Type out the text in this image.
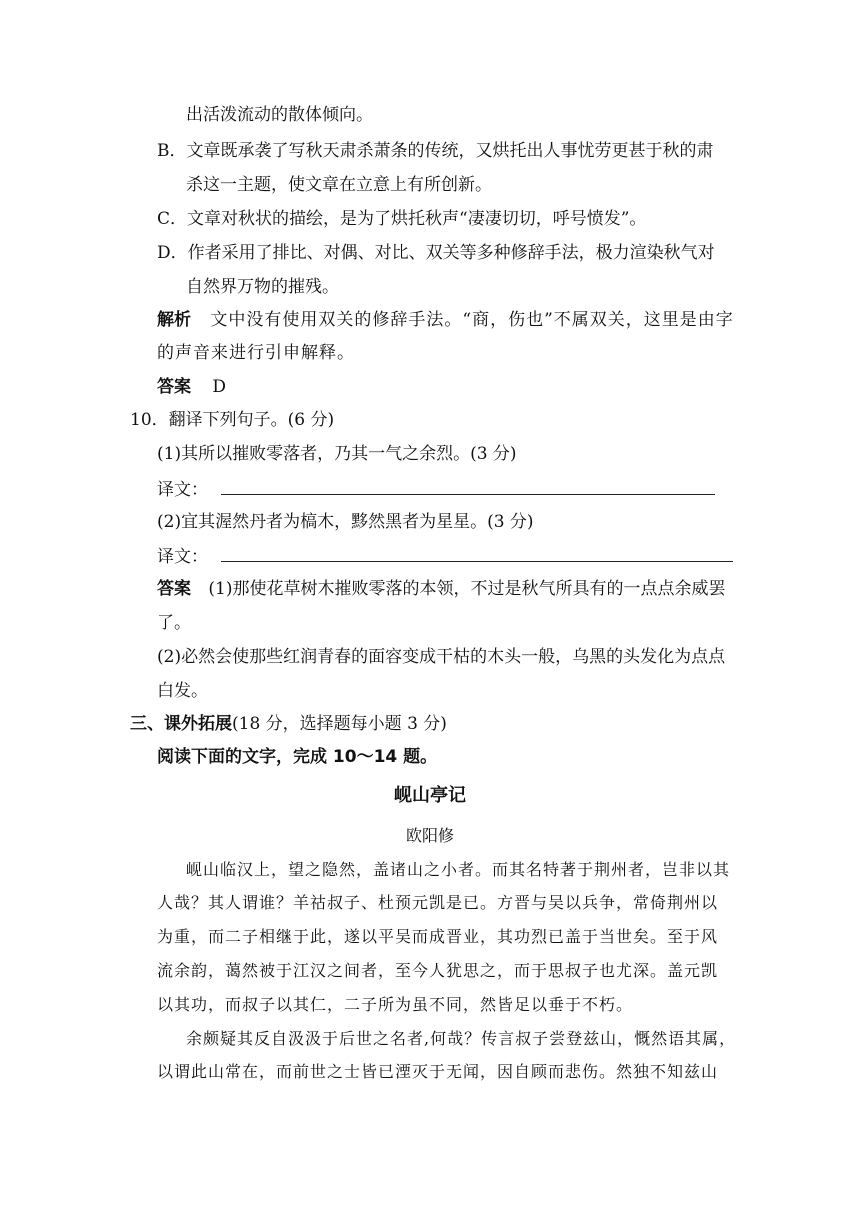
出活泼流动的散体倾向。
B．文章既承袭了写秋天肃杀萧条的传统，又烘托出人事忧劳更甚于秋的肃
杀这一主题，使文章在立意上有所创新。
C．文章对秋状的描绘，是为了烘托秋声“凄凄切切，呼号愤发”。
D．作者采用了排比、对偶、对比、双关等多种修辞手法，极力渲染秋气对
自然界万物的摧残。
解析 文中没有使用双关的修辞手法。“商，伤也”不属双关，这里是由字
的声音来进行引申解释。
答案 D
10．翻译下列句子。(6 分)
(1)其所以摧败零落者，乃其一气之余烈。(3 分)
译文：
(2)宜其渥然丹者为槁木，黟然黑者为星星。(3 分)
译文：
答案 (1)那使花草树木摧败零落的本领，不过是秋气所具有的一点点余威罢
了。
(2)必然会使那些红润青春的面容变成干枯的木头一般，乌黑的头发化为点点
白发。
三、课外拓展(18 分，选择题每小题 3 分)
阅读下面的文字，完成 10～14 题。
岘山亭记
欧阳修
岘山临汉上，望之隐然，盖诸山之小者。而其名特著于荆州者，岂非以其
人哉？其人谓谁？羊祜叔子、杜预元凯是已。方晋与吴以兵争，常倚荆州以
为重，而二子相继于此，遂以平吴而成晋业，其功烈已盖于当世矣。至于风
流余韵，蔼然被于江汉之间者，至今人犹思之，而于思叔子也尤深。盖元凯
以其功，而叔子以其仁，二子所为虽不同，然皆足以垂于不朽。
余颇疑其反自汲汲于后世之名者,何哉？传言叔子尝登兹山，慨然语其属，
以谓此山常在，而前世之士皆已湮灭于无闻，因自顾而悲伤。然独不知兹山
